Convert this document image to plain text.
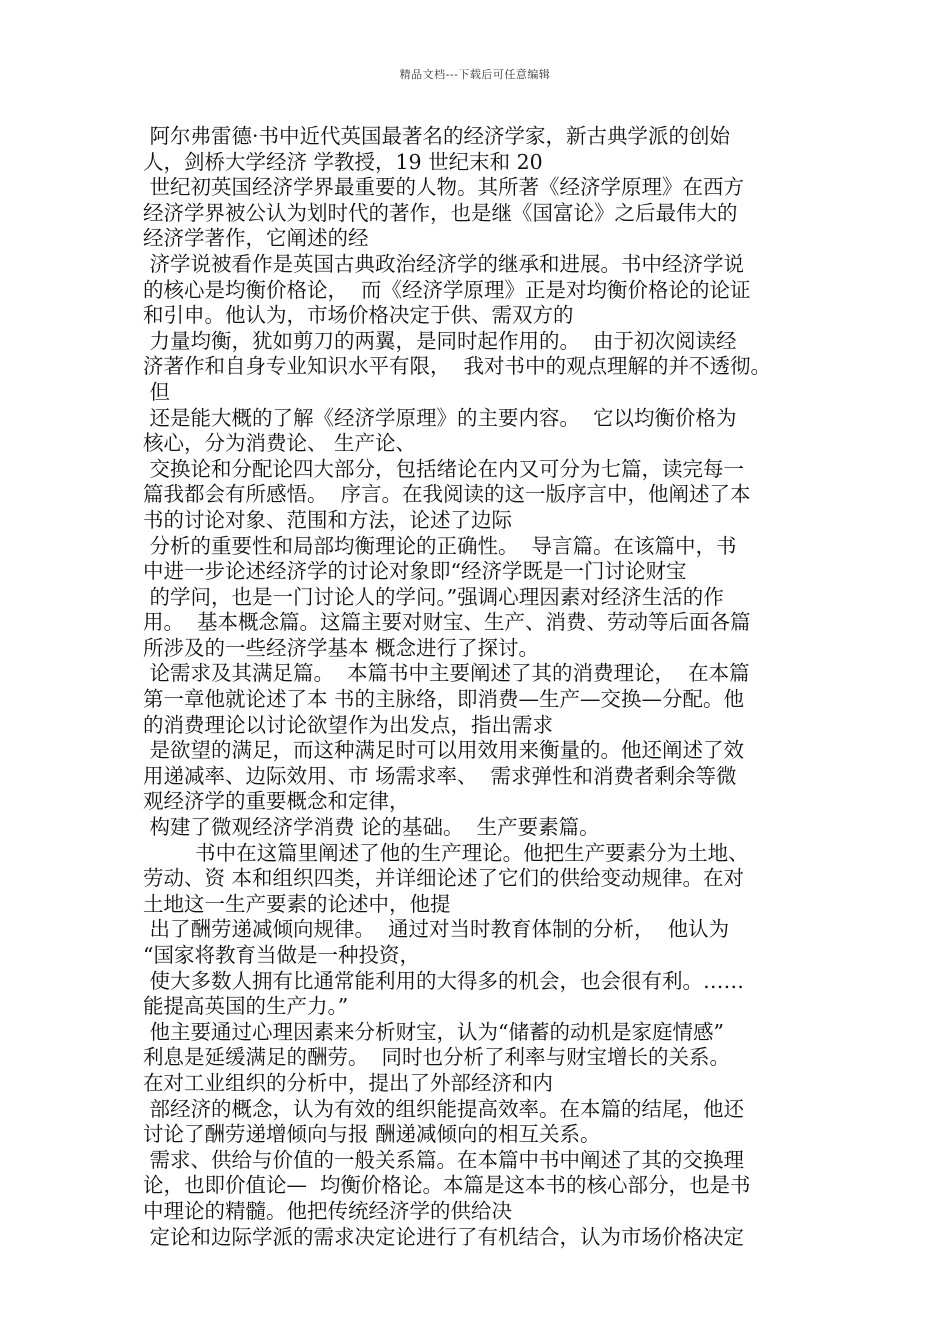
精品文档---下载后可任意编辑
阿尔弗雷德·书中近代英国最著名的经济学家，新古典学派的创始
人，剑桥大学经济 学教授，19 世纪末和 20
世纪初英国经济学界最重要的人物。其所著《经济学原理》在西方
经济学界被公认为划时代的著作，也是继《国富论》之后最伟大的
经济学著作，它阐述的经
济学说被看作是英国古典政治经济学的继承和进展。书中经济学说
的核心是均衡价格论，  而《经济学原理》正是对均衡价格论的论证
和引申。他认为，市场价格决定于供、需双方的
力量均衡，犹如剪刀的两翼，是同时起作用的。  由于初次阅读经
济著作和自身专业知识水平有限，  我对书中的观点理解的并不透彻。
但
还是能大概的了解《经济学原理》的主要内容。  它以均衡价格为
核心，分为消费论、 生产论、
交换论和分配论四大部分，包括绪论在内又可分为七篇，读完每一
篇我都会有所感悟。  序言。在我阅读的这一版序言中，他阐述了本
书的讨论对象、范围和方法，论述了边际
分析的重要性和局部均衡理论的正确性。  导言篇。在该篇中，书
中进一步论述经济学的讨论对象即“经济学既是一门讨论财宝
的学问，也是一门讨论人的学问。”强调心理因素对经济生活的作
用。  基本概念篇。这篇主要对财宝、生产、消费、劳动等后面各篇
所涉及的一些经济学基本 概念进行了探讨。
论需求及其满足篇。  本篇书中主要阐述了其的消费理论，  在本篇
第一章他就论述了本 书的主脉络，即消费—生产—交换—分配。他
的消费理论以讨论欲望作为出发点，指出需求
是欲望的满足，而这种满足时可以用效用来衡量的。他还阐述了效
用递减率、边际效用、市 场需求率、  需求弹性和消费者剩余等微
观经济学的重要概念和定律，
构建了微观经济学消费 论的基础。  生产要素篇。
书中在这篇里阐述了他的生产理论。他把生产要素分为土地、
劳动、资 本和组织四类，并详细论述了它们的供给变动规律。在对
土地这一生产要素的论述中，他提
出了酬劳递减倾向规律。  通过对当时教育体制的分析，  他认为
“国家将教育当做是一种投资，
使大多数人拥有比通常能利用的大得多的机会，也会很有利。……
能提高英国的生产力。”
他主要通过心理因素来分析财宝，认为“储蓄的动机是家庭情感”
利息是延缓满足的酬劳。  同时也分析了利率与财宝增长的关系。
在对工业组织的分析中，提出了外部经济和内
部经济的概念，认为有效的组织能提高效率。在本篇的结尾，他还
讨论了酬劳递增倾向与报 酬递减倾向的相互关系。
需求、供给与价值的一般关系篇。在本篇中书中阐述了其的交换理
论，也即价值论—  均衡价格论。本篇是这本书的核心部分，也是书
中理论的精髓。他把传统经济学的供给决
定论和边际学派的需求决定论进行了有机结合，认为市场价格决定
